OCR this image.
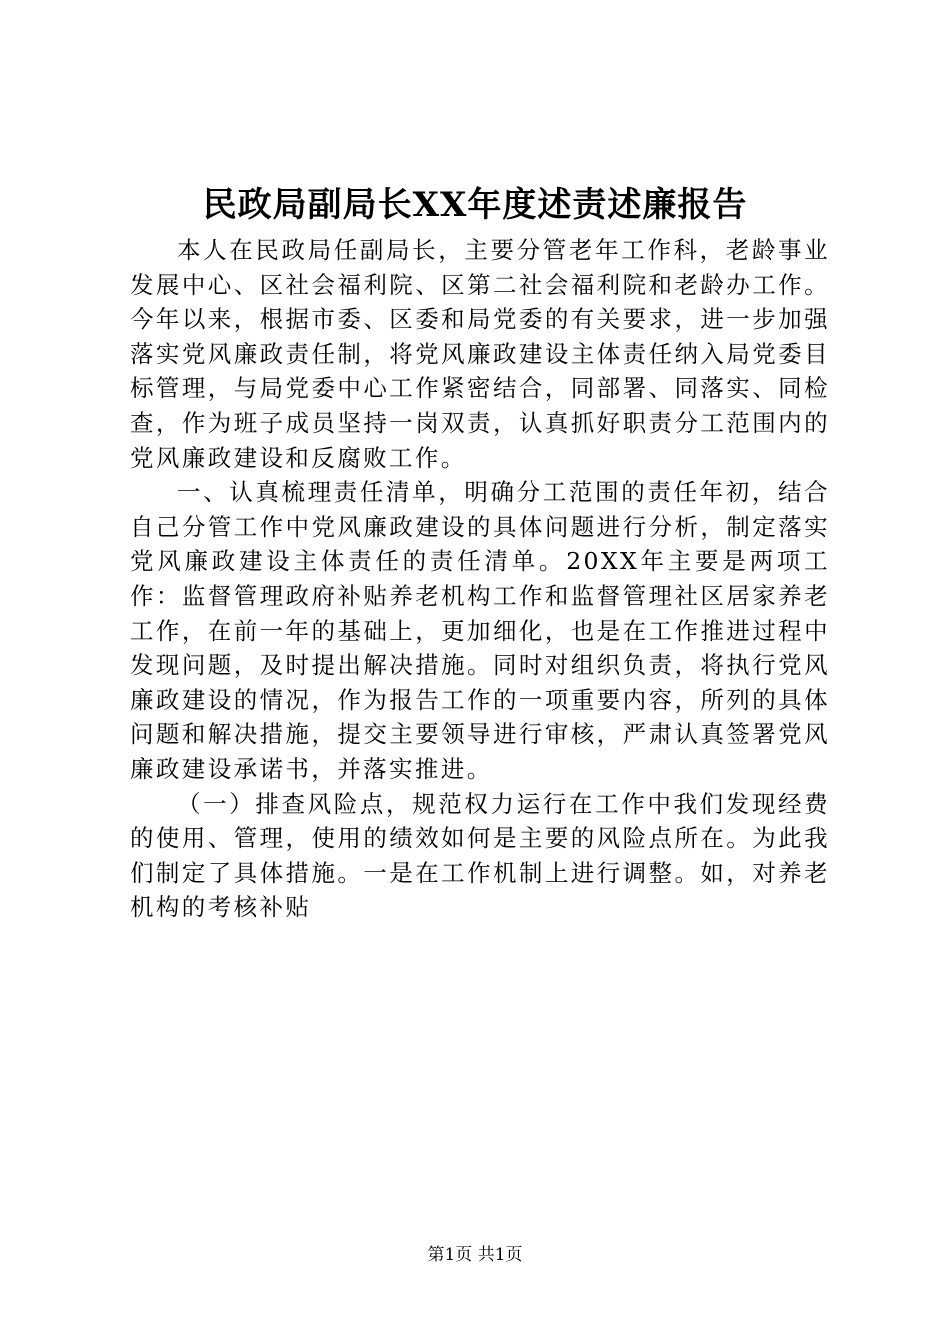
民政局副局长XX年度述责述廉报告

本人在民政局任副局长，主要分管老年工作科，老龄事业发展中心、区社会福利院、区第二社会福利院和老龄办工作。今年以来，根据市委、区委和局党委的有关要求，进一步加强落实党风廉政责任制，将党风廉政建设主体责任纳入局党委目标管理，与局党委中心工作紧密结合，同部署、同落实、同检查，作为班子成员坚持一岗双责，认真抓好职责分工范围内的党风廉政建设和反腐败工作。

一、认真梳理责任清单，明确分工范围的责任年初，结合自己分管工作中党风廉政建设的具体问题进行分析，制定落实党风廉政建设主体责任的责任清单。20XX年主要是两项工作：监督管理政府补贴养老机构工作和监督管理社区居家养老工作，在前一年的基础上，更加细化，也是在工作推进过程中发现问题，及时提出解决措施。同时对组织负责，将执行党风廉政建设的情况，作为报告工作的一项重要内容，所列的具体问题和解决措施，提交主要领导进行审核，严肃认真签署党风廉政建设承诺书，并落实推进。

（一）排查风险点，规范权力运行在工作中我们发现经费的使用、管理，使用的绩效如何是主要的风险点所在。为此我们制定了具体措施。一是在工作机制上进行调整。如，对养老机构的考核补贴

第1页 共1页
